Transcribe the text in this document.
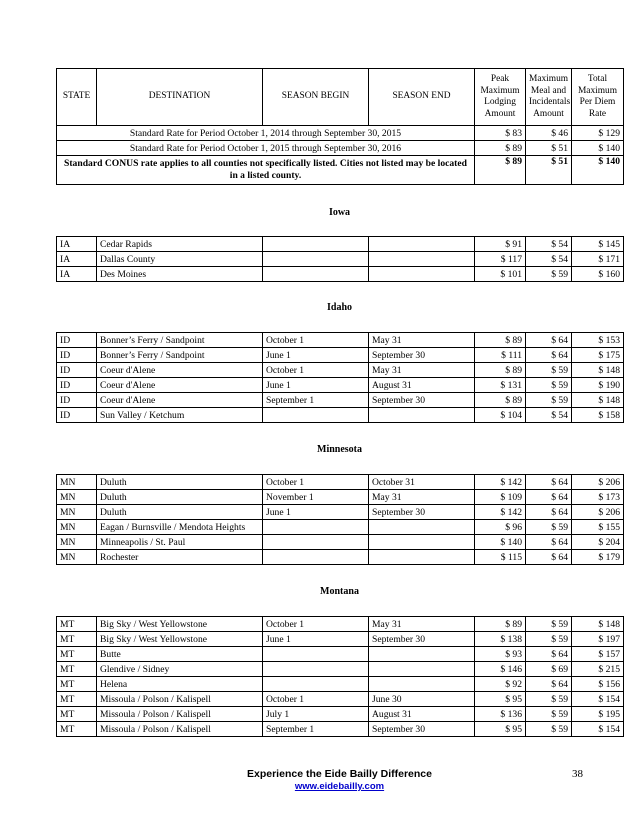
STATE	DESTINATION	SEASON BEGIN	SEASON END	Peak Maximum Lodging Amount	Maximum Meal and Incidentals Amount	Total Maximum Per Diem Rate
Standard Rate for Period October 1, 2014 through September 30, 2015				$ 83	$ 46	$ 129
Standard Rate for Period October 1, 2015 through September 30, 2016				$ 89	$ 51	$ 140
Standard CONUS rate applies to all counties not specifically listed. Cities not listed may be located in a listed county.				$ 89	$ 51	$ 140
Iowa
Idaho
Minnesota
Montana
IA	Cedar Rapids			$ 91	$ 54	$ 145
IA	Dallas County			$ 117	$ 54	$ 171
IA	Des Moines			$ 101	$ 59	$ 160
ID	Bonner’s Ferry / Sandpoint	October 1	May 31	$ 89	$ 64	$ 153
ID	Bonner’s Ferry / Sandpoint	June 1	September 30	$ 111	$ 64	$ 175
ID	Coeur d'Alene	October 1	May 31	$ 89	$ 59	$ 148
ID	Coeur d'Alene	June 1	August 31	$ 131	$ 59	$ 190
ID	Coeur d'Alene	September 1	September 30	$ 89	$ 59	$ 148
ID	Sun Valley / Ketchum			$ 104	$ 54	$ 158
MN	Duluth	October 1	October 31	$ 142	$ 64	$ 206
MN	Duluth	November 1	May 31	$ 109	$ 64	$ 173
MN	Duluth	June 1	September 30	$ 142	$ 64	$ 206
MN	Eagan / Burnsville / Mendota Heights			$ 96	$ 59	$ 155
MN	Minneapolis / St. Paul			$ 140	$ 64	$ 204
MN	Rochester			$ 115	$ 64	$ 179
MT	Big Sky / West Yellowstone	October 1	May 31	$ 89	$ 59	$ 148
MT	Big Sky / West Yellowstone	June 1	September 30	$ 138	$ 59	$ 197
MT	Butte			$ 93	$ 64	$ 157
MT	Glendive / Sidney			$ 146	$ 69	$ 215
MT	Helena			$ 92	$ 64	$ 156
MT	Missoula / Polson / Kalispell	October 1	June 30	$ 95	$ 59	$ 154
MT	Missoula / Polson / Kalispell	July 1	August 31	$ 136	$ 59	$ 195
MT	Missoula / Polson / Kalispell	September 1	September 30	$ 95	$ 59	$ 154
Experience the Eide Bailly Difference
www.eidebailly.com
38
